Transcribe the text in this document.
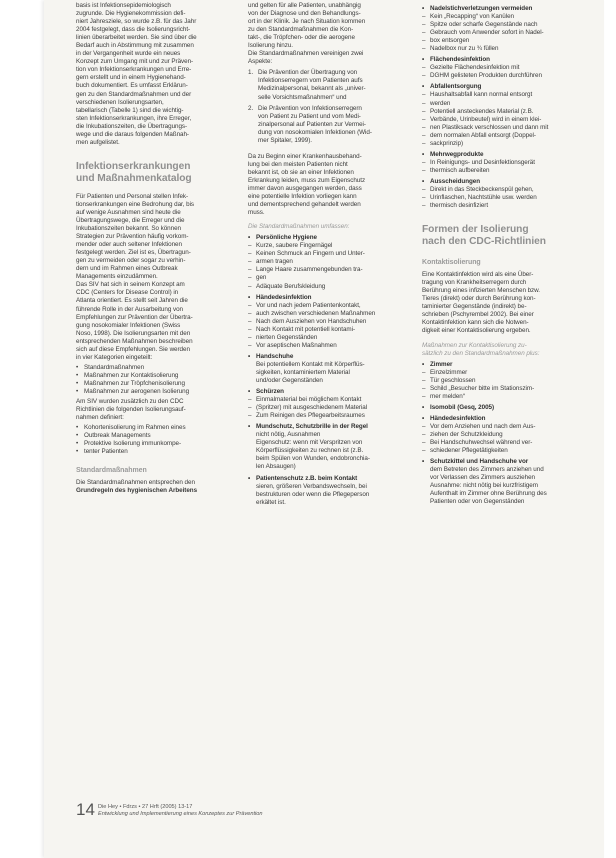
basis ist Infektionsepidemiologisch
zugrunde. Die Hygienekommission defi-
niert Jahresziele, so wurde z.B. für das Jahr
2004 festgelegt, dass die Isolierungsricht-
linien überarbeitet werden. Sie sind über die
Bedarf auch in Abstimmung mit zusammen
in der Vergangenheit wurde ein neues
Konzept zum Umgang mit und zur Präven-
tion von Infektionserkrankungen und Erre-
gern erstellt und in einem Hygienehand-
buch dokumentiert. Es umfasst Erklärun-
gen zu den Standardmaßnahmen und der
verschiedenen Isolierungsarten,
tabellarisch (Tabelle 1) sind die wichtig-
sten Infektionserkrankungen, ihre Erreger,
die Inkubationszeiten, die Übertragungs-
wege und die daraus folgenden Maßnah-
men aufgelistet.
Infektionserkrankungen
und Maßnahmenkatalog
Für Patienten und Personal stellen Infek-
tionserkrankungen eine Bedrohung dar, bis
auf wenige Ausnahmen sind heute die
Übertragungswege, die Erreger und die
Inkubationszeiten bekannt. So können
Strategien zur Prävention häufig vorkom-
mender oder auch seltener Infektionen
festgelegt werden. Ziel ist es, Übertragun-
gen zu vermeiden oder sogar zu verhin-
dern und im Rahmen eines Outbreak
Managements einzudämmen.
Das SIV hat sich in seinem Konzept am
CDC (Centers for Disease Control) in
Atlanta orientiert. Es stellt seit Jahren die
führende Rolle in der Ausarbeitung von
Empfehlungen zur Prävention der Übertra-
gung nosokomialer Infektionen (Swiss
Noso, 1998). Die Isolierungsarten mit den
entsprechenden Maßnahmen beschreiben
sich auf diese Empfehlungen. Sie werden
in vier Kategorien eingeteilt:
• Standardmaßnahmen
• Maßnahmen zur Kontaktisolierung
• Maßnahmen zur Tröpfchenisolierung
• Maßnahmen zur aerogenen Isolierung
Am SIV wurden zusätzlich zu den CDC
Richtlinien die folgenden Isolierungsauf-
nahmen definiert:
• Kohortenisolierung im Rahmen eines
• Outbreak Managements
• Protektive Isolierung immunkompe-
• tenter Patienten
Standardmaßnahmen
Die Standardmaßnahmen entsprechen den
Grundregeln des hygienischen Arbeitens
und gelten für alle Patienten, unabhängig
von der Diagnose und den Behandlungs-
ort in der Klinik. Je nach Situation kommen
zu den Standardmaßnahmen die Kon-
takt-, die Tröpfchen- oder die aerogene
Isolierung hinzu.
Die Standardmaßnahmen vereinigen zwei
Aspekte:
1. Die Prävention der Übertragung von
Infektionserregern vom Patienten aufs
Medizinalpersonal, bekannt als „univer-
selle Vorsichtsmaßnahmen“ und
2. Die Prävention von Infektionserregern
von Patient zu Patient und vom Medi-
zinalpersonal auf Patienten zur Vermei-
dung von nosokomialen Infektionen (Wid-
mer Spitaler, 1999).
Da zu Beginn einer Krankenhausbehand-
lung bei den meisten Patienten nicht
bekannt ist, ob sie an einer Infektionen
Erkrankung leiden, muss zum Eigenschutz
immer davon ausgegangen werden, dass
eine potentielle Infektion vorliegen kann
und dementsprechend gehandelt werden
muss.
Die Standardmaßnahmen umfassen:
• Persönliche Hygiene
– Kurze, saubere Fingernägel
– Keinen Schmuck an Fingern und Unter-
– armen tragen
– Lange Haare zusammengebunden tra-
– gen
– Adäquate Berufskleidung
• Händedesinfektion
– Vor und nach jedem Patientenkontakt,
– auch zwischen verschiedenen Maßnahmen
– Nach dem Ausziehen von Handschuhen
– Nach Kontakt mit potentiell kontami-
– nierten Gegenständen
– Vor aseptischen Maßnahmen
• Handschuhe
Bei potentiellem Kontakt mit Körperflüs-
sigkeiten, kontaminiertem Material
und/oder Gegenständen
• Schürzen
– Einmalmaterial bei möglichem Kontakt
– (Spritzer) mit ausgeschiedenem Material
– Zum Reinigen des Pflegearbeitsraumes
• Mundschutz, Schutzbrille in der Regel
nicht nötig, Ausnahmen
Eigenschutz: wenn mit Verspritzen von
Körperflüssigkeiten zu rechnen ist (z.B.
beim Spülen von Wunden, endobronchia-
len Absaugen)
• Patientenschutz z.B. beim Kontakt
sieren, größeren Verbandswechseln, bei
bestrukturen oder wenn die Pflegeperson
erkältet ist.
• Nadelstichverletzungen vermeiden
– Kein „Recapping“ von Kanülen
– Spitze oder scharfe Gegenstände nach
– Gebrauch vom Anwender sofort in Nadel-
– box entsorgen
– Nadelbox nur zu ¾ füllen
• Flächendesinfektion
– Gezielte Flächendesinfektion mit
– DGHM gelisteten Produkten durchführen
• Abfallentsorgung
– Haushaltsabfall kann normal entsorgt
– werden
– Potentiell ansteckendes Material (z.B.
– Verbände, Urinbeutel) wird in einem klei-
– nen Plastiksack verschlossen und dann mit
– dem normalen Abfall entsorgt (Doppel-
– sackprinzip)
• Mehrwegprodukte
– In Reinigungs- und Desinfektionsgerät
– thermisch aufbereiten
• Ausscheidungen
– Direkt in das Steckbeckenspül gehen,
– Urinflaschen, Nachtstühle usw. werden
– thermisch desinfiziert
Formen der Isolierung
nach den CDC-Richtlinien
Kontaktisolierung
Eine Kontaktinfektion wird als eine Über-
tragung von Krankheitserregern durch
Berührung eines infizierten Menschen bzw.
Tieres (direkt) oder durch Berührung kon-
taminierter Gegenstände (indirekt) be-
schrieben (Pschyrembel 2002). Bei einer
Kontaktinfektion kann sich die Notwen-
digkeit einer Kontaktisolierung ergeben.
Maßnahmen zur Kontaktisolierung zu-
sätzlich zu den Standardmaßnahmen plus:
• Zimmer
– Einzelzimmer
– Tür geschlossen
– Schild „Besucher bitte im Stationszim-
– mer melden“
• Isomobil (Gesq, 2005)
• Händedesinfektion
– Vor dem Anziehen und nach dem Aus-
– ziehen der Schutzkleidung
– Bei Handschuhwechsel während ver-
– schiedener Pflegetätigkeiten
• Schutzkittel und Handschuhe vor
dem Betreten des Zimmers anziehen und
vor Verlassen des Zimmers ausziehen
Ausnahme: nicht nötig bei kurzfristigem
Aufenthalt im Zimmer ohne Berührung des
Patienten oder von Gegenständen
14 Die Hey • Fdrzs • 27 Hrft (2005) 13-17
Entwicklung und Implementierung eines Konzeptes zur Prävention
